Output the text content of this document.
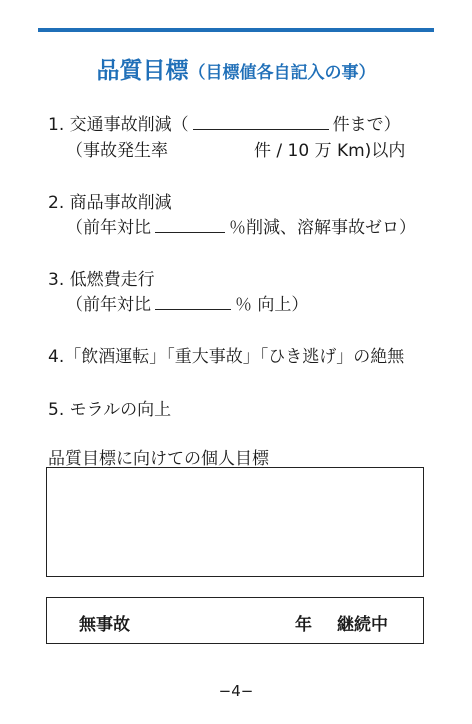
品質目標（目標値各自記入の事）
1. 交通事故削減（	件まで）
（事故発生率	件 / 10 万 Km)以内
2. 商品事故削減
（前年対比	％削減、溶解事故ゼロ）
3. 低燃費走行
（前年対比	％ 向上）
4.「飲酒運転」「重大事故」「ひき逃げ」の絶無
5. モラルの向上
品質目標に向けての個人目標
無事故	年 継続中
−4−
